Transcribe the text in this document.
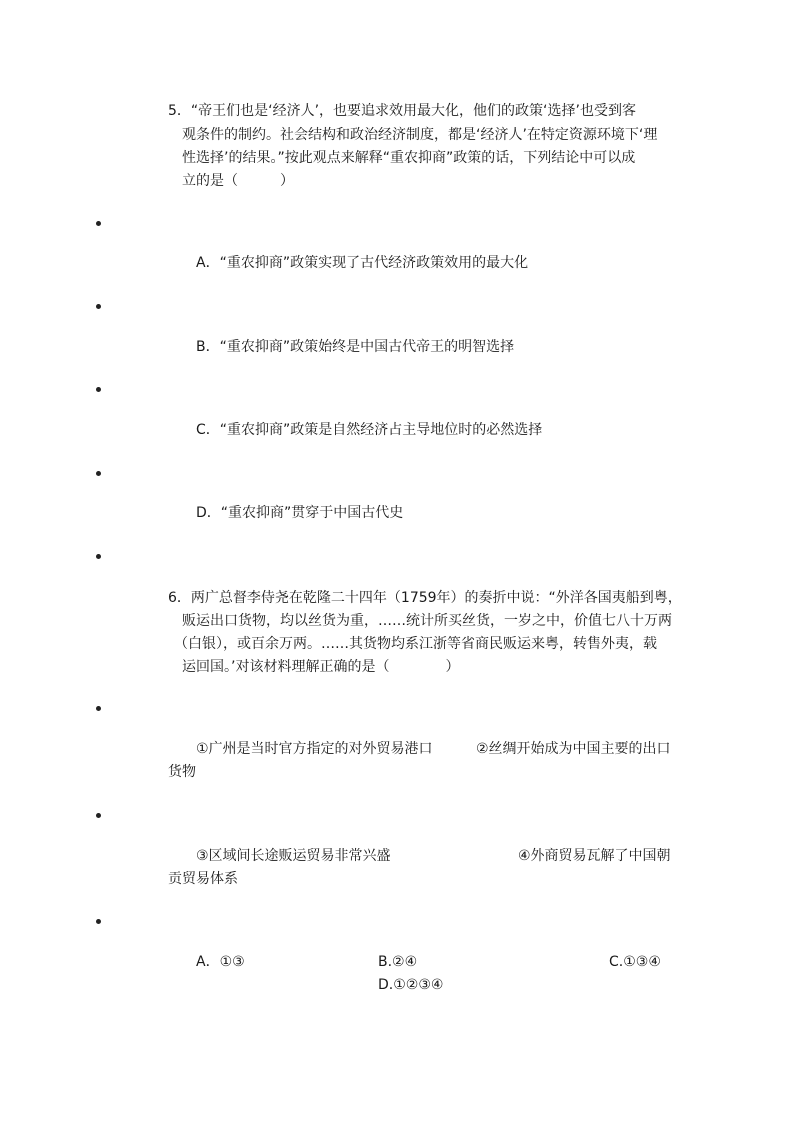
5．“帝王们也是‘经济人’，也要追求效用最大化，他们的政策‘选择’也受到客
观条件的制约。社会结构和政治经济制度，都是‘经济人’在特定资源环境下‘理
性选择’的结果。”按此观点来解释“重农抑商”政策的话，下列结论中可以成
立的是（　　　）
A．“重农抑商”政策实现了古代经济政策效用的最大化
B．“重农抑商”政策始终是中国古代帝王的明智选择
C．“重农抑商”政策是自然经济占主导地位时的必然选择
D．“重农抑商”贯穿于中国古代史
6．两广总督李侍尧在乾隆二十四年（1759年）的奏折中说：“外洋各国夷船到粤，
贩运出口货物，均以丝货为重，……统计所买丝货，一岁之中，价值七八十万两
（白银），或百余万两。……其货物均系江浙等省商民贩运来粤，转售外夷，载
运回国。’对该材料理解正确的是（　　　　）
①广州是当时官方指定的对外贸易港口	②丝绸开始成为中国主要的出口
货物
③区域间长途贩运贸易非常兴盛	④外商贸易瓦解了中国朝
贡贸易体系
A．①③	B.②④	C.①③④
D.①②③④
